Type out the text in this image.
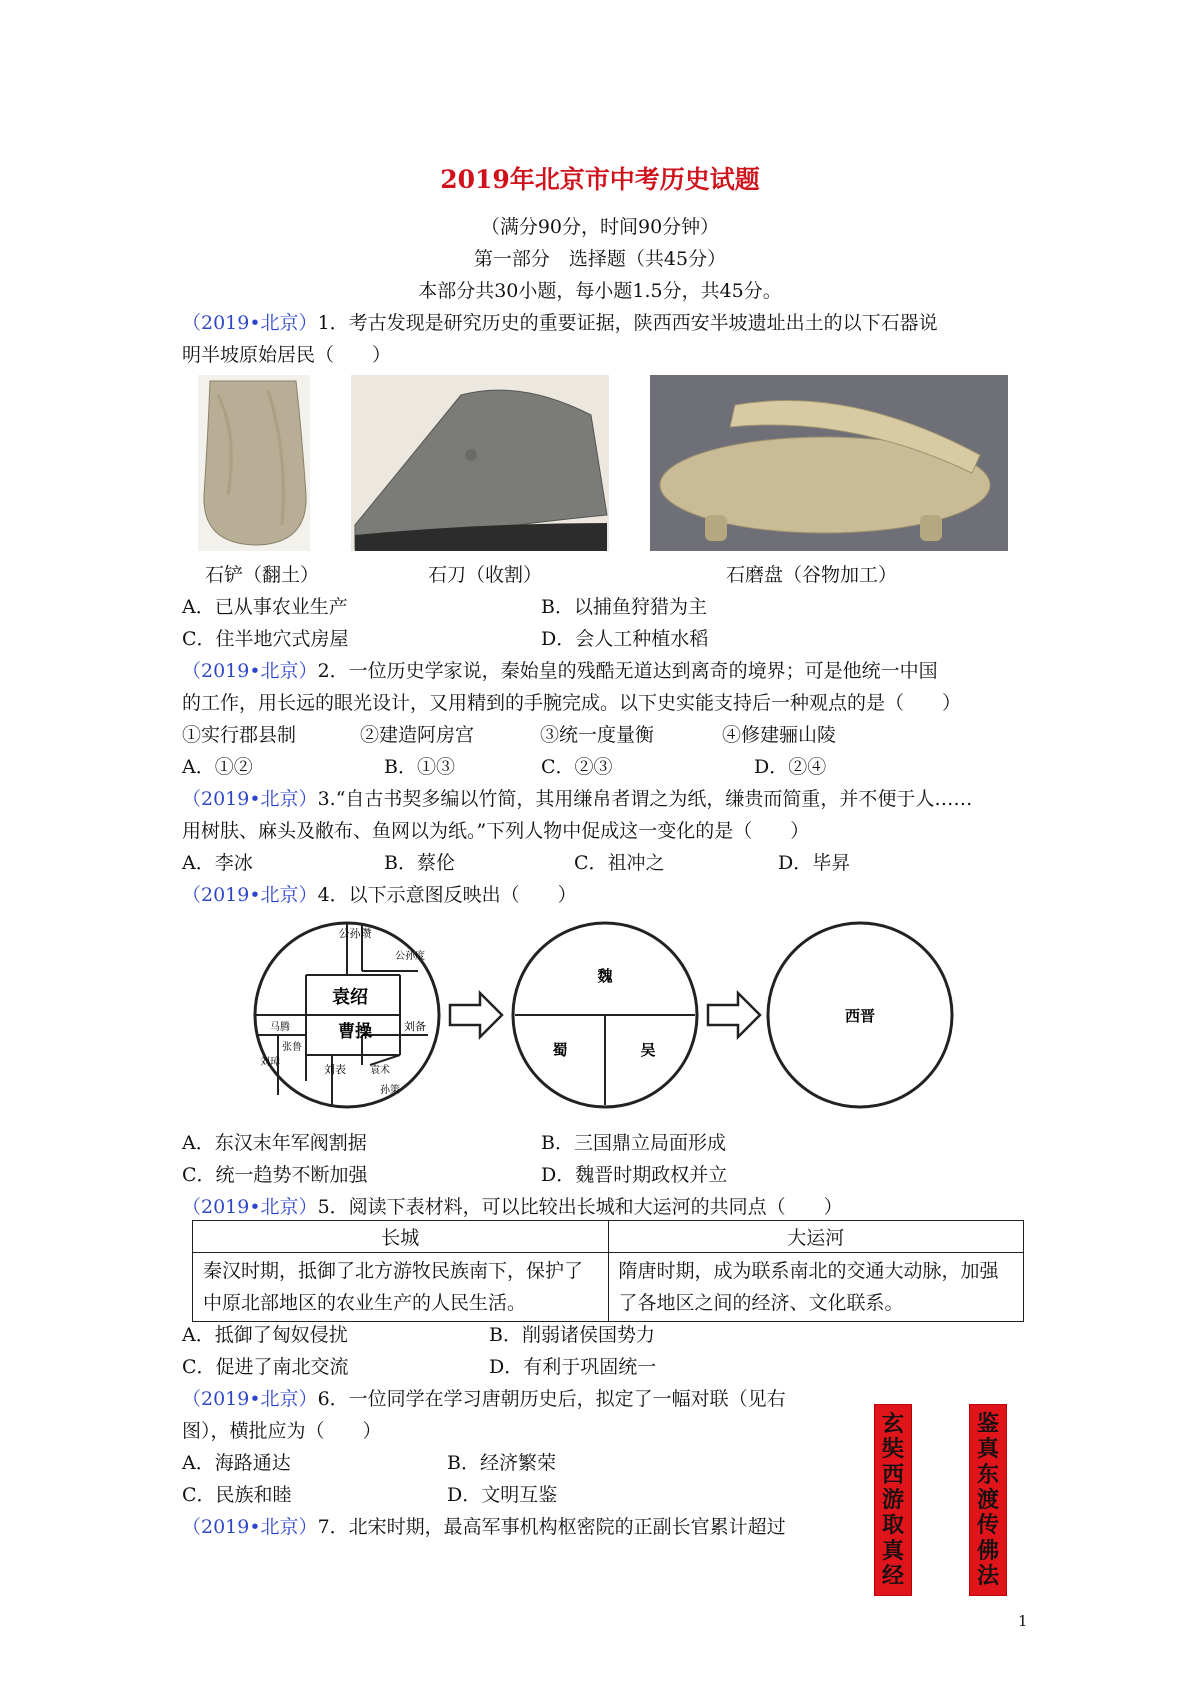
2019年北京市中考历史试题
（满分90分，时间90分钟）
第一部分　选择题（共45分）
本部分共30小题，每小题1.5分，共45分。
（2019•北京）1．考古发现是研究历史的重要证据，陕西西安半坡遗址出土的以下石器说
明半坡原始居民（　　）
石铲（翻土）	石刀（收割）	石磨盘（谷物加工）
A．已从事农业生产	B．以捕鱼狩猎为主
C．住半地穴式房屋	D．会人工种植水稻
（2019•北京）2．一位历史学家说，秦始皇的残酷无道达到离奇的境界；可是他统一中国
的工作，用长远的眼光设计，又用精到的手腕完成。以下史实能支持后一种观点的是（　　）
①实行郡县制	②建造阿房宫	③统一度量衡	④修建骊山陵
A．①②	B．①③	C．②③	D．②④
（2019•北京）3.“自古书契多编以竹简，其用缣帛者谓之为纸，缣贵而简重，并不便于人……
用树肤、麻头及敝布、鱼网以为纸。”下列人物中促成这一变化的是（　　）
A．李冰	B．蔡伦	C．祖冲之	D．毕昇
（2019•北京）4．以下示意图反映出（　　）
公孙瓒
公孙度
袁绍
马腾	曹操	刘备
张鲁
刘璋
刘表 袁术
孙策
魏
蜀	吴
西晋
A．东汉末年军阀割据	B．三国鼎立局面形成
C．统一趋势不断加强	D．魏晋时期政权并立
（2019•北京）5．阅读下表材料，可以比较出长城和大运河的共同点（　　）
长城	大运河
秦汉时期，抵御了北方游牧民族南下，保护了中原北部地区的农业生产的人民生活。	隋唐时期，成为联系南北的交通大动脉，加强了各地区之间的经济、文化联系。
A．抵御了匈奴侵扰	B．削弱诸侯国势力
C．促进了南北交流	D．有利于巩固统一
（2019•北京）6．一位同学在学习唐朝历史后，拟定了一幅对联（见右
图），横批应为（　　）
A．海路通达	B．经济繁荣
C．民族和睦	D．文明互鉴
玄
奘
西
游
取
真
经
鉴
真
东
渡
传
佛
法
（2019•北京）7．北宋时期，最高军事机构枢密院的正副长官累计超过
1
